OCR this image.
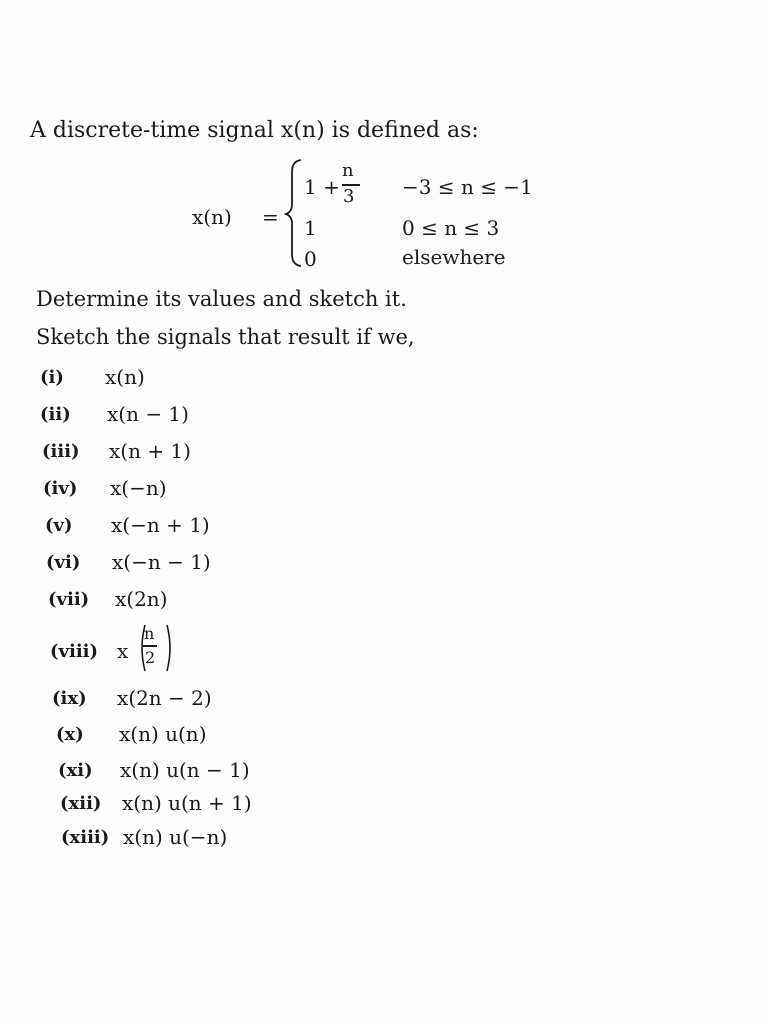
A discrete-time signal x(n) is defined as:
x(n) =
1 +
n
3 −3 ≤ n ≤ −1
1	0 ≤ n ≤ 3
0	elsewhere
Determine its values and sketch it.
Sketch the signals that result if we,
(i) x(n)
(ii) x(n − 1)
(iii) x(n + 1)
(iv) x(−n)
(v) x(−n + 1)
(vi) x(−n − 1)
(vii) x(2n)
(viii) x
n
2
(ix) x(2n − 2)
(x) x(n) u(n)
(xi) x(n) u(n − 1)
(xii) x(n) u(n + 1)
(xiii) x(n) u(−n)
